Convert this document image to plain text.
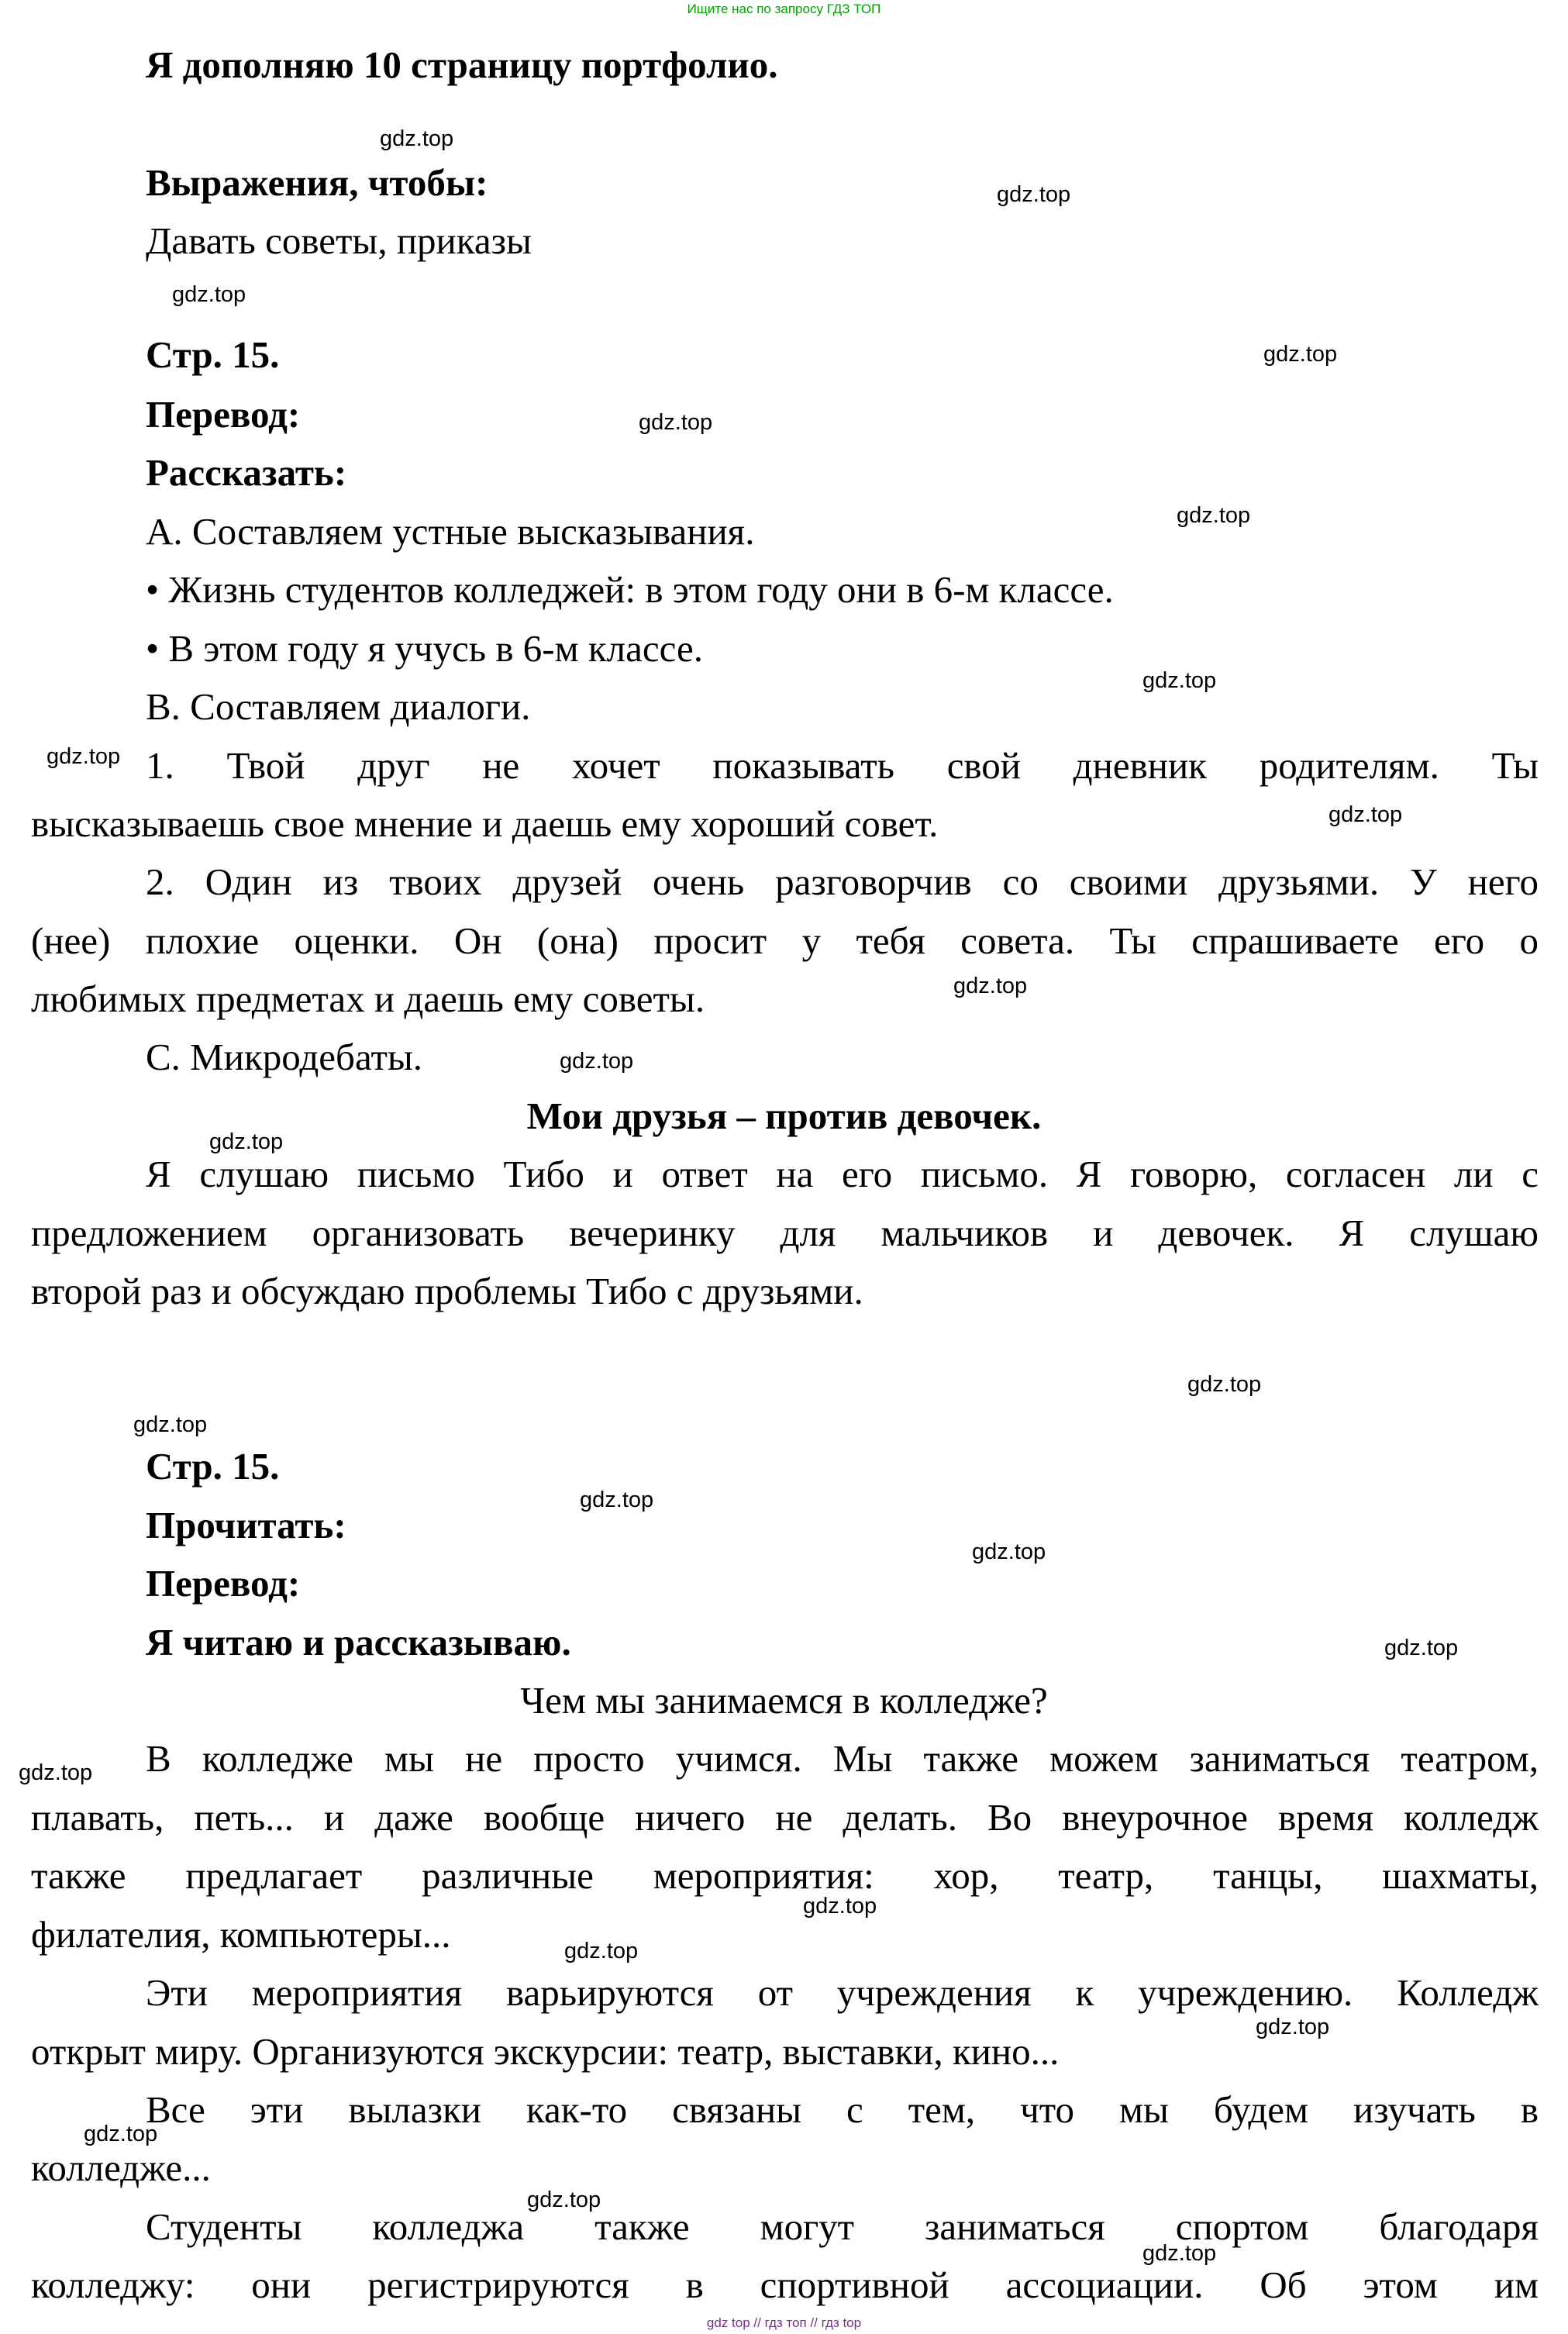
Ищите нас по запросу ГДЗ ТОП
Я дополняю 10 страницу портфолио.
Выражения, чтобы:
Давать советы, приказы
Стр. 15.
Перевод:
Рассказать:
А. Составляем устные высказывания.
• Жизнь студентов колледжей: в этом году они в 6-м классе.
• В этом году я учусь в 6-м классе.
В. Составляем диалоги.
1. Твой друг не хочет показывать свой дневник родителям. Ты
высказываешь свое мнение и даешь ему хороший совет.
2. Один из твоих друзей очень разговорчив со своими друзьями. У него
(нее) плохие оценки. Он (она) просит у тебя совета. Ты спрашиваете его о
любимых предметах и даешь ему советы.
С. Микродебаты.
Мои друзья – против девочек.
Я слушаю письмо Тибо и ответ на его письмо. Я говорю, согласен ли с
предложением организовать вечеринку для мальчиков и девочек. Я слушаю
второй раз и обсуждаю проблемы Тибо с друзьями.
Стр. 15.
Прочитать:
Перевод:
Я читаю и рассказываю.
Чем мы занимаемся в колледже?
В колледже мы не просто учимся. Мы также можем заниматься театром,
плавать, петь... и даже вообще ничего не делать. Во внеурочное время колледж
также предлагает различные мероприятия: хор, театр, танцы, шахматы,
филателия, компьютеры...
Эти мероприятия варьируются от учреждения к учреждению. Колледж
открыт миру. Организуются экскурсии: театр, выставки, кино...
Все эти вылазки как-то связаны с тем, что мы будем изучать в
колледже...
Студенты колледжа также могут заниматься спортом благодаря
колледжу: они регистрируются в спортивной ассоциации. Об этом им
gdz.top
gdz.top
gdz.top
gdz.top
gdz.top
gdz.top
gdz.top
gdz.top
gdz.top
gdz.top
gdz.top
gdz.top
gdz.top
gdz.top
gdz.top
gdz.top
gdz.top
gdz.top
gdz.top
gdz.top
gdz.top
gdz.top
gdz.top
gdz.top
gdz top // гдз топ // гдз top
